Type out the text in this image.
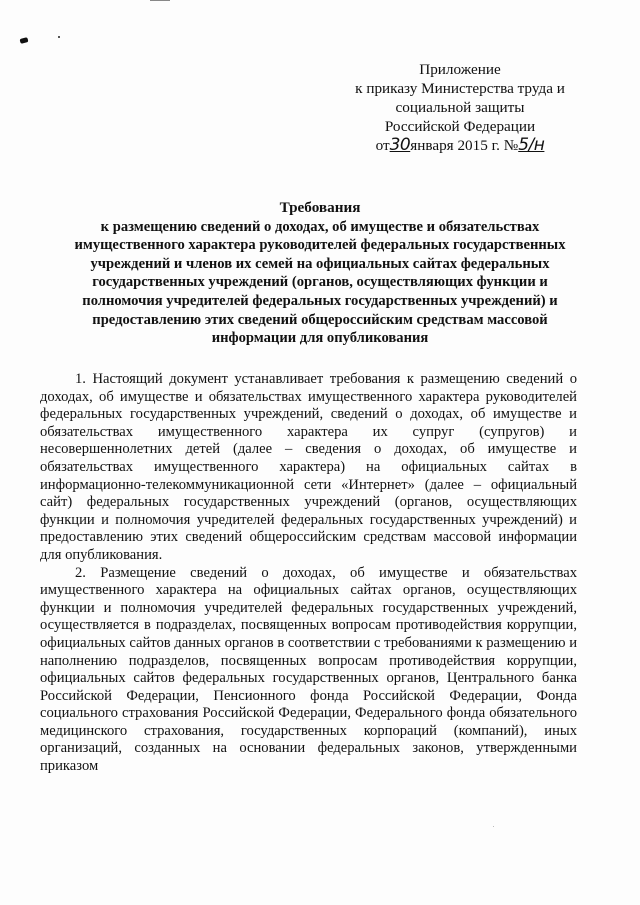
Приложение
к приказу Министерства труда и
социальной защиты
Российской Федерации
от30января 2015 г. №5/н
Требования
к размещению сведений о доходах, об имуществе и обязательствах
имущественного характера руководителей федеральных государственных
учреждений и членов их семей на официальных сайтах федеральных
государственных учреждений (органов, осуществляющих функции и
полномочия учредителей федеральных государственных учреждений) и
предоставлению этих сведений общероссийским средствам массовой
информации для опубликования

1. Настоящий документ устанавливает требования к размещению сведений о доходах, об имуществе и обязательствах имущественного характера руководителей федеральных государственных учреждений, сведений о доходах, об имуществе и обязательствах имущественного характера их супруг (супругов) и несовершеннолетних детей (далее – сведения о доходах, об имуществе и обязательствах имущественного характера) на официальных сайтах в информационно-телекоммуникационной сети «Интернет» (далее – официальный сайт) федеральных государственных учреждений (органов, осуществляющих функции и полномочия учредителей федеральных государственных учреждений) и предоставлению этих сведений общероссийским средствам массовой информации для опубликования.

2. Размещение сведений о доходах, об имуществе и обязательствах имущественного характера на официальных сайтах органов, осуществляющих функции и полномочия учредителей федеральных государственных учреждений, осуществляется в подразделах, посвященных вопросам противодействия коррупции, официальных сайтов данных органов в соответствии с требованиями к размещению и наполнению подразделов, посвященных вопросам противодействия коррупции, официальных сайтов федеральных государственных органов, Центрального банка Российской Федерации, Пенсионного фонда Российской Федерации, Фонда социального страхования Российской Федерации, Федерального фонда обязательного медицинского страхования, государственных корпораций (компаний), иных организаций, созданных на основании федеральных законов, утвержденными приказом
